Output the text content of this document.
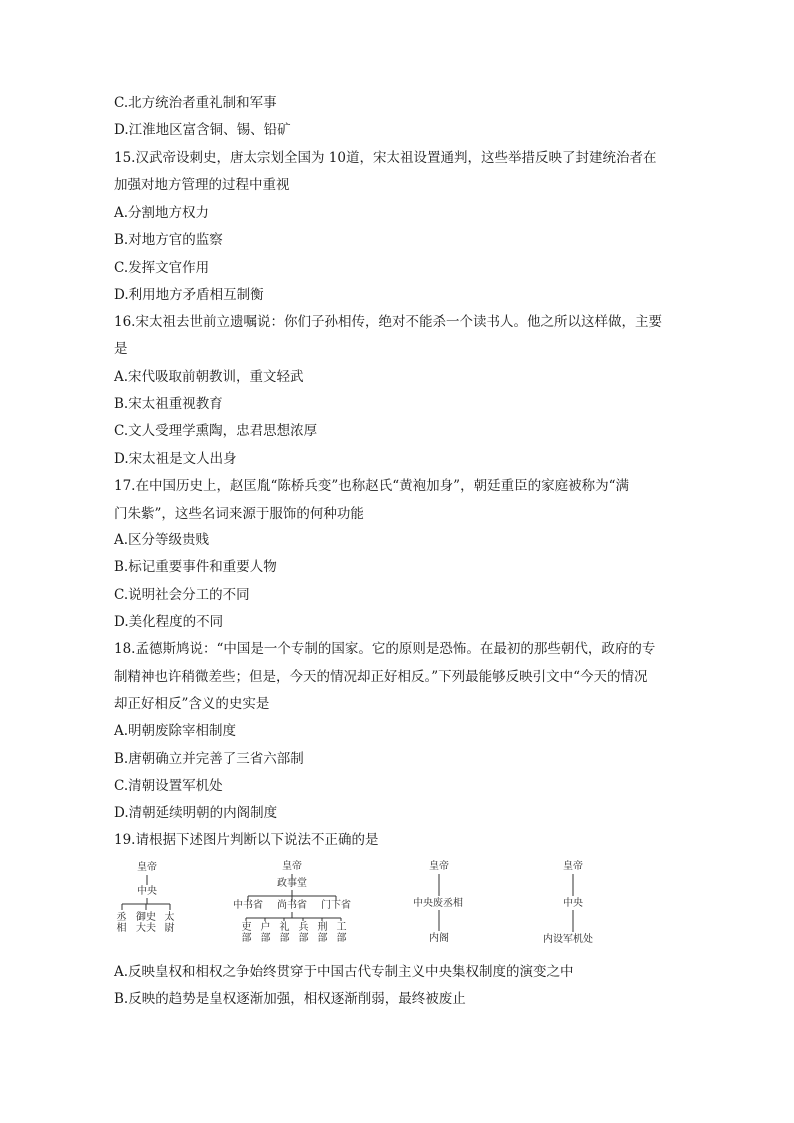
C.北方统治者重礼制和军事
D.江淮地区富含铜、锡、铅矿
15.汉武帝设刺史，唐太宗划全国为 10道，宋太祖设置通判，这些举措反映了封建统治者在
加强对地方管理的过程中重视
A.分割地方权力
B.对地方官的监察
C.发挥文官作用
D.利用地方矛盾相互制衡
16.宋太祖去世前立遗嘱说：你们子孙相传，绝对不能杀一个读书人。他之所以这样做，主要
是
A.宋代吸取前朝教训，重文轻武
B.宋太祖重视教育
C.文人受理学熏陶，忠君思想浓厚
D.宋太祖是文人出身
17.在中国历史上，赵匡胤“陈桥兵变”也称赵氏“黄袍加身”，朝廷重臣的家庭被称为“满
门朱紫”，这些名词来源于服饰的何种功能
A.区分等级贵贱
B.标记重要事件和重要人物
C.说明社会分工的不同
D.美化程度的不同
18.孟德斯鸠说：“中国是一个专制的国家。它的原则是恐怖。在最初的那些朝代，政府的专
制精神也许稍微差些；但是，今天的情况却正好相反。”下列最能够反映引文中“今天的情况
却正好相反”含义的史实是
A.明朝废除宰相制度
B.唐朝确立并完善了三省六部制
C.清朝设置军机处
D.清朝延续明朝的内阁制度
19.请根据下述图片判断以下说法不正确的是
皇帝
中央
丞相
御史大夫
太尉
皇帝
政事堂
中书省 尚书省 门下省
吏部
户部
礼部
兵部
刑部
工部
皇帝
中央废丞相
内阁
皇帝
中央
内设军机处
A.反映皇权和相权之争始终贯穿于中国古代专制主义中央集权制度的演变之中
B.反映的趋势是皇权逐渐加强，相权逐渐削弱，最终被废止
